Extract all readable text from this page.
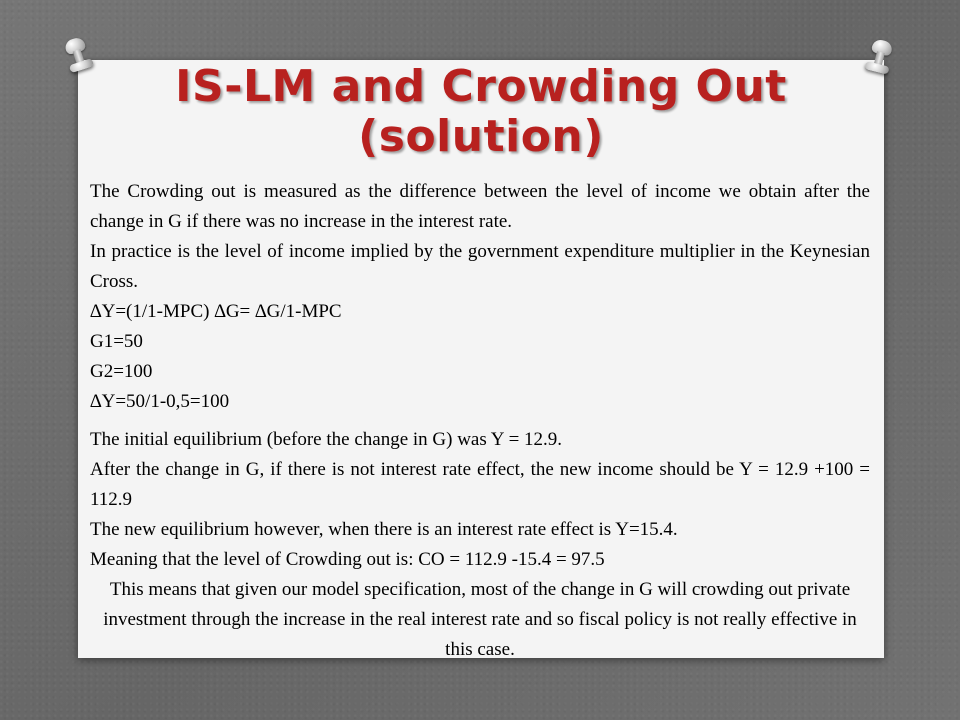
IS-LM and Crowding Out
(solution)

The Crowding out is measured as the difference between the level of income we obtain after the change in G if there was no increase in the interest rate.

In practice is the level of income implied by the government expenditure multiplier in the Keynesian Cross.

∆Y=(1/1-MPC) ∆G= ∆G/1-MPC

G1=50

G2=100

∆Y=50/1-0,5=100

The initial equilibrium (before the change in G) was Y = 12.9.

After the change in G, if there is not interest rate effect, the new income should be Y = 12.9 +100 = 112.9

The new equilibrium however, when there is an interest rate effect is Y=15.4.

Meaning that the level of Crowding out is: CO = 112.9 -15.4 = 97.5

This means that given our model specification, most of the change in G will crowding out private investment through the increase in the real interest rate and so fiscal policy is not really effective in this case.
